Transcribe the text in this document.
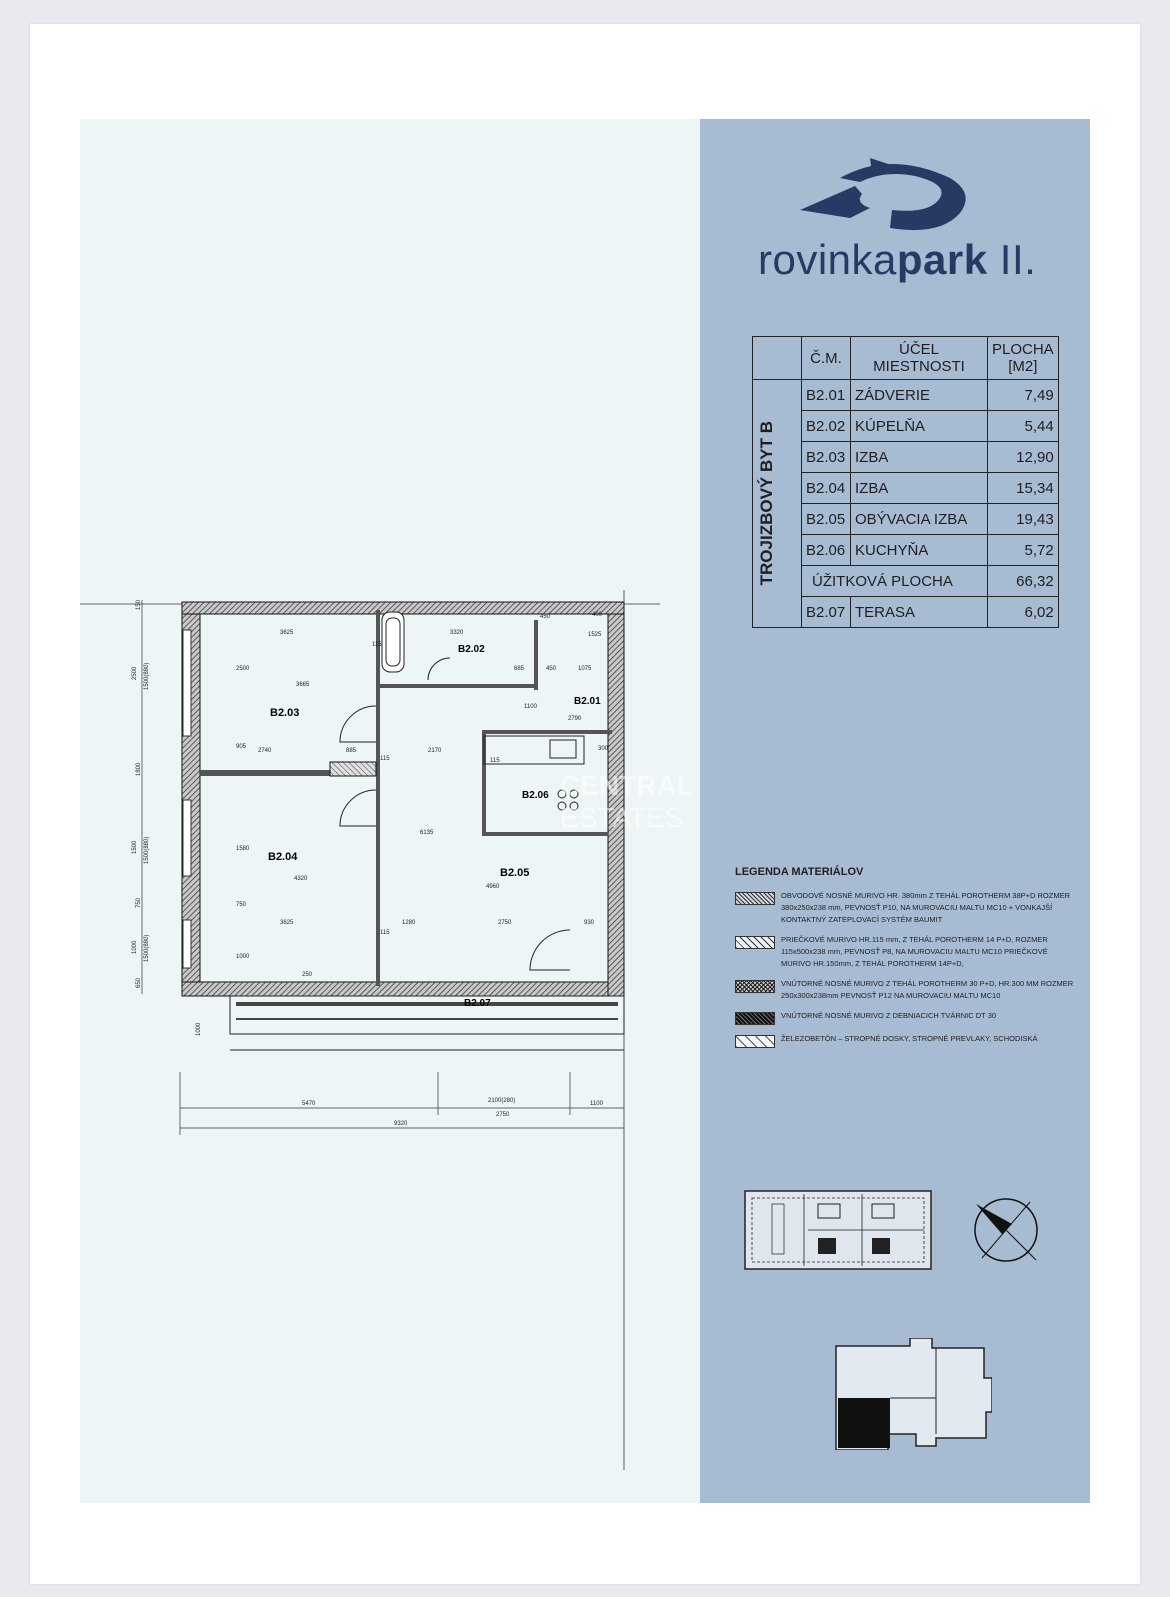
rovinkapark II.
	Č.M.	ÚČEL MIESTNOSTI	PLOCHA
[M2]

TROJIZBOVÝ BYT B	B2.01	ZÁDVERIE	7,49
	B2.02	KÚPELŇA	5,44
	B2.03	IZBA	12,90
	B2.04	IZBA	15,34
	B2.05	OBÝVACIA IZBA	19,43
	B2.06	KUCHYŇA	5,72
	ÚŽITKOVÁ PLOCHA		66,32
	B2.07	TERASA	6,02
LEGENDA MATERIÁLOV
OBVODOVÉ NOSNÉ MURIVO HR. 380mm Z TEHÁL POROTHERM 38P+D ROZMER 380x250x238 mm, PEVNOSŤ P10, NA MUROVACIU MALTU MC10 + VONKAJŠÍ KONTAKTNÝ ZATEPLOVACÍ SYSTÉM BAUMIT
PRIEČKOVÉ MURIVO HR.115 mm, Z TEHÁL POROTHERM 14 P+D, ROZMER 115x500x238 mm, PEVNOSŤ P8, NA MUROVACIU MALTU MC10 PRIEČKOVÉ MURIVO HR.150mm, Z TEHÁL POROTHERM 14P+D,
VNÚTORNÉ NOSNÉ MURIVO Z TEHÁL POROTHERM 30 P+D, HR.300 MM ROZMER 250x300x238mm PEVNOSŤ P12 NA MUROVACIU MALTU MC10
VNÚTORNÉ NOSNÉ MURIVO Z DEBNIACICH TVÁRNIC DT 30
ŽELEZOBETÓN – STROPNÉ DOSKY, STROPNÉ PREVLAKY, SCHODISKÁ
B2.03
B2.04
B2.02
B2.01
B2.06
B2.05
B2.07
3625
3665
2500
905
2740	885
115
2170
3320
685	450	1075
1100
2790
300
6135
4960
1280	2750	930
3625
4320
1580
750
1000
250
400
1525
450
115
115
115
150
2500 1500(880)
1800
1500(880)
1500
750
1000 1500(880)
650
1000
5470	2100(280)
2750
1100
9320
CENTRAL
ESTATES
